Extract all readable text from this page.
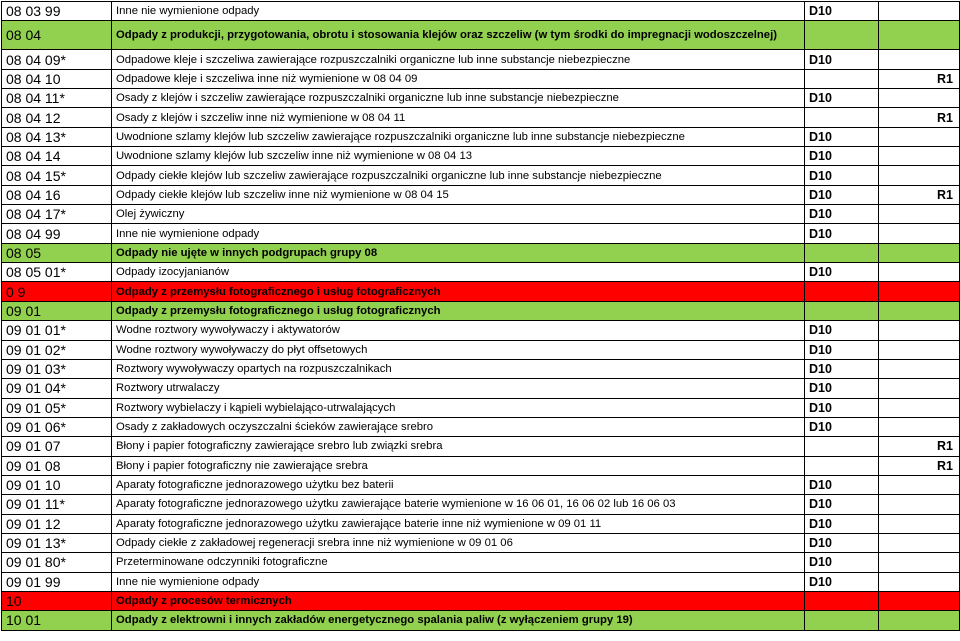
08 03 99	Inne nie wymienione odpady	D10	
08 04	Odpady z produkcji, przygotowania, obrotu i stosowania klejów oraz szczeliw (w tym środki do impregnacji wodoszczelnej)		
08 04 09*	Odpadowe kleje i szczeliwa zawierające rozpuszczalniki organiczne lub inne substancje niebezpieczne	D10	
08 04 10	Odpadowe kleje i szczeliwa inne niż wymienione w 08 04 09		R1
08 04 11*	Osady z klejów i szczeliw zawierające rozpuszczalniki organiczne lub inne substancje niebezpieczne	D10	
08 04 12	Osady z klejów i szczeliw inne niż wymienione w 08 04 11		R1
08 04 13*	Uwodnione szlamy klejów lub szczeliw zawierające rozpuszczalniki organiczne lub inne substancje niebezpieczne	D10	
08 04 14	Uwodnione szlamy klejów lub szczeliw inne niż wymienione w 08 04 13	D10	
08 04 15*	Odpady ciekłe klejów lub szczeliw zawierające rozpuszczalniki organiczne lub inne substancje niebezpieczne	D10	
08 04 16	Odpady ciekłe klejów lub szczeliw inne niż wymienione w 08 04 15	D10	R1
08 04 17*	Olej żywiczny	D10	
08 04 99	Inne nie wymienione odpady	D10	
08 05	Odpady nie ujęte w innych podgrupach grupy 08		
08 05 01*	Odpady izocyjanianów	D10	
0 9	Odpady z przemysłu fotograficznego i usług fotograficznych		
09 01	Odpady z przemysłu fotograficznego i usług fotograficznych		
09 01 01*	Wodne roztwory wywoływaczy i aktywatorów	D10	
09 01 02*	Wodne roztwory wywoływaczy do płyt offsetowych	D10	
09 01 03*	Roztwory wywoływaczy opartych na rozpuszczalnikach	D10	
09 01 04*	Roztwory utrwalaczy	D10	
09 01 05*	Roztwory wybielaczy i kąpieli wybielająco-utrwalających	D10	
09 01 06*	Osady z zakładowych oczyszczalni ścieków zawierające srebro	D10	
09 01 07	Błony i papier fotograficzny zawierające srebro lub związki srebra		R1
09 01 08	Błony i papier fotograficzny nie zawierające srebra		R1
09 01 10	Aparaty fotograficzne jednorazowego użytku bez baterii	D10	
09 01 11*	Aparaty fotograficzne jednorazowego użytku zawierające baterie wymienione w 16 06 01, 16 06 02 lub 16 06 03	D10	
09 01 12	Aparaty fotograficzne jednorazowego użytku zawierające baterie inne niż wymienione w 09 01 11	D10	
09 01 13*	Odpady ciekłe z zakładowej regeneracji srebra inne niż wymienione w 09 01 06	D10	
09 01 80*	Przeterminowane odczynniki fotograficzne	D10	
09 01 99	Inne nie wymienione odpady	D10	
10	Odpady z procesów termicznych		
10 01	Odpady z elektrowni i innych zakładów energetycznego spalania paliw (z wyłączeniem grupy 19)		
